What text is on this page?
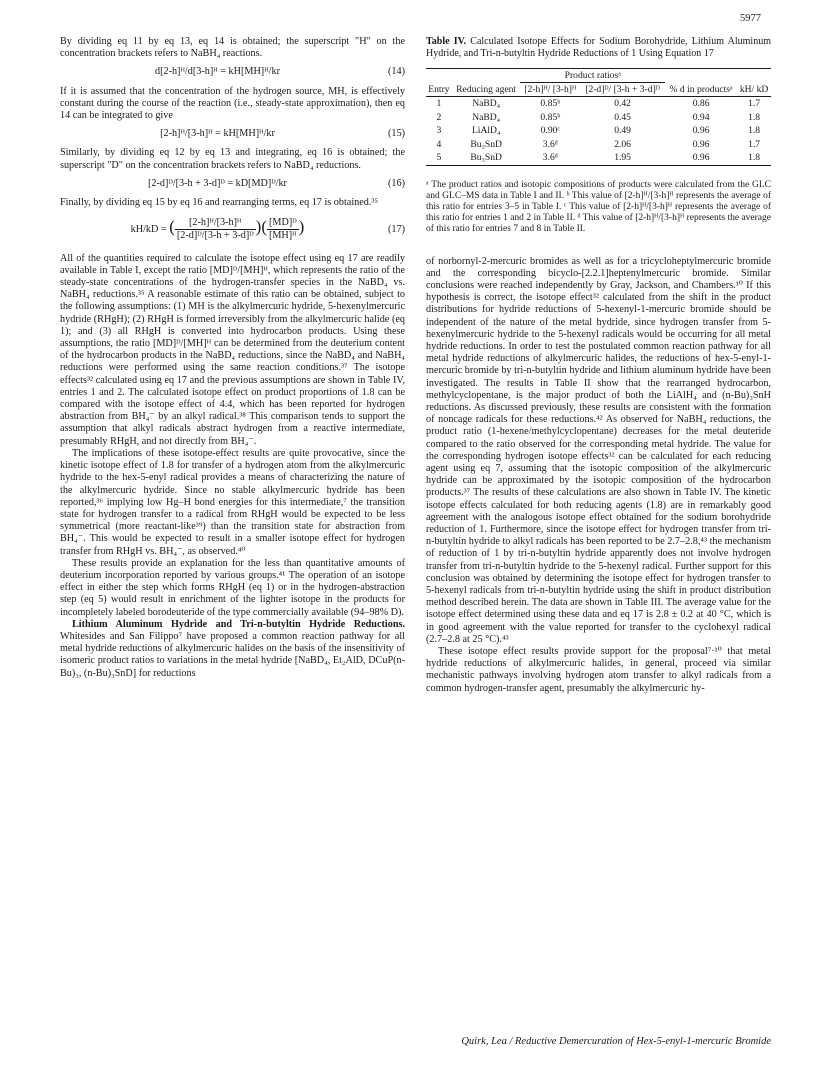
5977

By dividing eq 11 by eq 13, eq 14 is obtained; the superscript "H" on the concentration brackets refers to NaBH₄ reactions.

d[2-h]ᴴ/d[3-h]ᴴ = kH[MH]ᴴ/kr	(14)

If it is assumed that the concentration of the hydrogen source, MH, is effectively constant during the course of the reaction (i.e., steady-state approximation), then eq 14 can be integrated to give

[2-h]ᴴ/[3-h]ᴴ = kH[MH]ᴴ/kr	(15)

Similarly, by dividing eq 12 by eq 13 and integrating, eq 16 is obtained; the superscript "D" on the concentration brackets refers to NaBD₄ reductions.

[2-d]ᴰ/[3-h + 3-d]ᴰ = kD[MD]ᴰ/kr	(16)

Finally, by dividing eq 15 by eq 16 and rearranging terms, eq 17 is obtained.³⁵

kH/kD = ( $\frac{\text{[2-h]ᴴ/[3-h]ᴴ}}{\text{[2-d]ᴰ/[3-h + 3-d]ᴰ}}$ )( $\frac{\text{[MD]ᴰ}}{\text{[MH]ᴴ}}$ )	(17)

All of the quantities required to calculate the isotope effect using eq 17 are readily available in Table I, except the ratio [MD]ᴰ/[MH]ᴴ, which represents the ratio of the steady-state concentrations of the hydrogen-transfer species in the NaBD₄ vs. NaBH₄ reductions.³⁵ A reasonable estimate of this ratio can be obtained, subject to the following assumptions: (1) MH is the alkylmercuric hydride, 5-hexenylmercuric hydride (RHgH); (2) RHgH is formed irreversibly from the alkylmercuric halide (eq 1); and (3) all RHgH is converted into hydrocarbon products. Using these assumptions, the ratio [MD]ᴰ/[MH]ᴴ can be determined from the deuterium content of the hydrocarbon products in the NaBD₄ reductions, since the NaBD₄ and NaBH₄ reductions were performed using the same reaction conditions.³⁷ The isotope effects³² calculated using eq 17 and the previous assumptions are shown in Table IV, entries 1 and 2. The calculated isotope effect on product proportions of 1.8 can be compared with the isotope effect of 4.4, which has been reported for hydrogen abstraction from BH₄⁻ by an alkyl radical.³⁸ This comparison tends to support the assumption that alkyl radicals abstract hydrogen from a reactive intermediate, presumably RHgH, and not directly from BH₄⁻.

The implications of these isotope-effect results are quite provocative, since the kinetic isotope effect of 1.8 for transfer of a hydrogen atom from the alkylmercuric hydride to the hex-5-enyl radical provides a means of characterizing the nature of the alkylmercuric hydride. Since no stable alkylmercuric hydride has been reported,³⁶ implying low Hg–H bond energies for this intermediate,⁷ the transition state for hydrogen transfer to a radical from RHgH would be expected to be less symmetrical (more reactant-like³⁹) than the transition state for abstraction from BH₄⁻. This would be expected to result in a smaller isotope effect for hydrogen transfer from RHgH vs. BH₄⁻, as observed.⁴⁰

These results provide an explanation for the less than quantitative amounts of deuterium incorporation reported by various groups.⁴¹ The operation of an isotope effect in either the step which forms RHgH (eq 1) or in the hydrogen-abstraction step (eq 5) would result in enrichment of the lighter isotope in the products for incompletely labeled borodeuteride of the type commercially available (94–98% D).

Lithium Aluminum Hydride and Tri-n-butyltin Hydride Reductions. Whitesides and San Filippo⁷ have proposed a common reaction pathway for all metal hydride reductions of alkylmercuric halides on the basis of the insensitivity of isomeric product ratios to variations in the metal hydride [NaBD₄, Et₂AlD, DCuP(n-Bu)₃, (n-Bu)₃SnD] for reductions

Table IV. Calculated Isotope Effects for Sodium Borohydride, Lithium Aluminum Hydride, and Tri-n-butyltin Hydride Reductions of 1 Using Equation 17
		Product ratiosᵃ			
Entry	Reducing agent	[2-h]ᴴ/ [3-h]ᴴ	[2-d]ᴰ/ [3-h + 3-d]ᴰ	% d in productsᵃ	kH/ kD
1	NaBD₄	0.85ᵇ	0.42	0.86	1.7
2	NaBD₄	0.85ᵇ	0.45	0.94	1.8
3	LiAlD₄	0.90ᶜ	0.49	0.96	1.8
4	Bu₃SnD	3.6ᵈ	2.06	0.96	1.7
5	Bu₃SnD	3.6ᵈ	1.95	0.96	1.8
ᵃ The product ratios and isotopic compositions of products were calculated from the GLC and GLC–MS data in Table I and II. ᵇ This value of [2-h]ᴴ/[3-h]ᴴ represents the average of this ratio for entries 3–5 in Table I. ᶜ This value of [2-h]ᴴ/[3-h]ᴴ represents the average of this ratio for entries 1 and 2 in Table II. ᵈ This value of [2-h]ᴴ/[3-h]ᴴ represents the average of this ratio for entries 7 and 8 in Table II.

of norbornyl-2-mercuric bromides as well as for a tricycloheptylmercuric bromide and the corresponding bicyclo-[2.2.1]heptenylmercuric bromide. Similar conclusions were reached independently by Gray, Jackson, and Chambers.¹⁰ If this hypothesis is correct, the isotope effect³² calculated from the shift in the product distributions for hydride reductions of 5-hexenyl-1-mercuric bromide should be independent of the nature of the metal hydride, since hydrogen transfer from 5-hexenylmercuric hydride to the 5-hexenyl radicals would be occurring for all metal hydride reductions. In order to test the postulated common reaction pathway for all metal hydride reductions of alkylmercuric halides, the reductions of hex-5-enyl-1-mercuric bromide by tri-n-butyltin hydride and lithium aluminum hydride have been investigated. The results in Table II show that the rearranged hydrocarbon, methylcyclopentane, is the major product of both the LiAlH₄ and (n-Bu)₃SnH reductions. As discussed previously, these results are consistent with the formation of noncage radicals for these reductions.⁴² As observed for NaBH₄ reductions, the product ratio (1-hexene/methylcyclopentane) decreases for the metal deuteride compared to the ratio observed for the corresponding metal hydride. The value for the corresponding hydrogen isotope effects³² can be calculated for each reducing agent using eq 7, assuming that the isotopic composition of the alkylmercuric hydride can be approximated by the isotopic composition of the hydrocarbon products.³⁷ The results of these calculations are also shown in Table IV. The kinetic isotope effects calculated for both reducing agents (1.8) are in remarkably good agreement with the analogous isotope effect obtained for the sodium borohydride reduction of 1. Furthermore, since the isotope effect for hydrogen transfer from tri-n-butyltin hydride to alkyl radicals has been reported to be 2.7–2.8,⁴³ the mechanism of reduction of 1 by tri-n-butyltin hydride apparently does not involve hydrogen transfer from tri-n-butyltin hydride to the 5-hexenyl radical. Further support for this conclusion was obtained by determining the isotope effect for hydrogen transfer to 5-hexenyl radicals from tri-n-butyltin hydride using the shift in product distribution method described herein. The data are shown in Table III. The average value for the isotope effect determined using these data and eq 17 is 2.8 ± 0.2 at 40 °C, which is in good agreement with the value reported for transfer to the cyclohexyl radical (2.7–2.8 at 25 °C).⁴³

These isotope effect results provide support for the proposal⁷·¹⁰ that metal hydride reductions of alkylmercuric halides, in general, proceed via similar mechanistic pathways involving hydrogen atom transfer to alkyl radicals from a common hydrogen-transfer agent, presumably the alkylmercuric hy-

Quirk, Lea / Reductive Demercuration of Hex-5-enyl-1-mercuric Bromide
